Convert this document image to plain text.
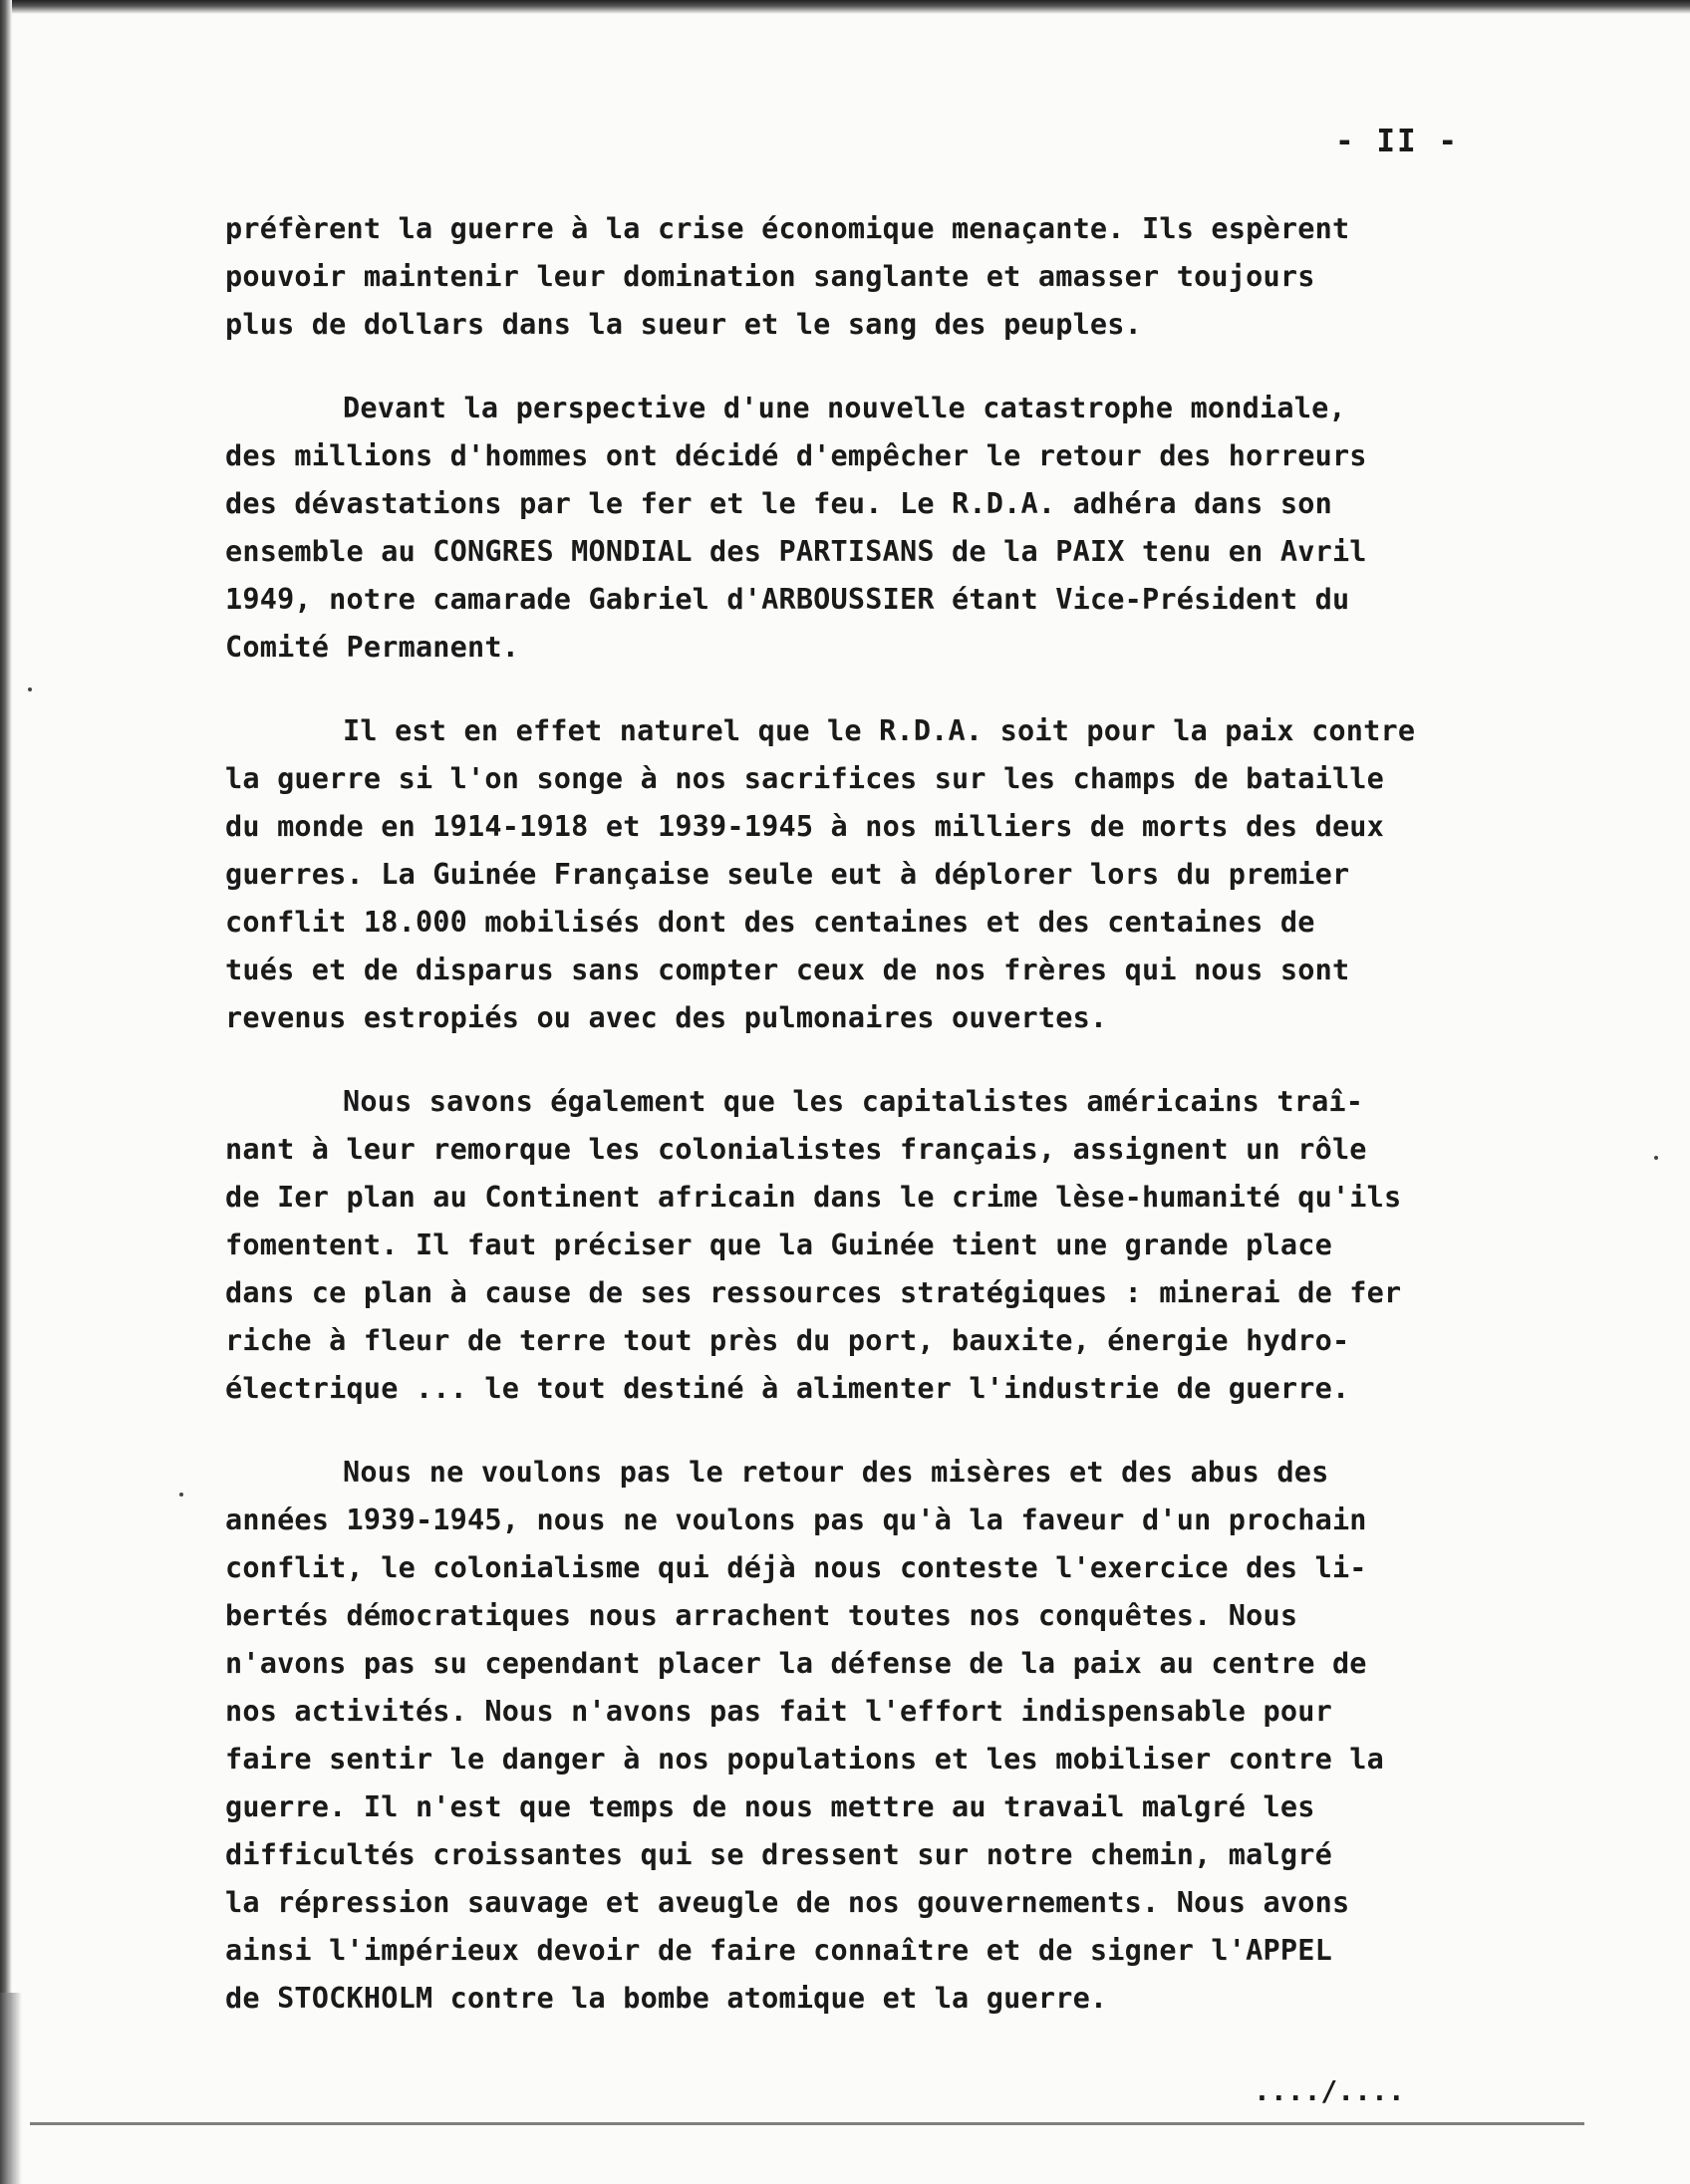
- II -
préfèrent la guerre à la crise économique menaçante. Ils espèrent
pouvoir maintenir leur domination sanglante et amasser toujours
plus de dollars dans la sueur et le sang des peuples.
Devant la perspective d'une nouvelle catastrophe mondiale,
des millions d'hommes ont décidé d'empêcher le retour des horreurs
des dévastations par le fer et le feu. Le R.D.A. adhéra dans son
ensemble au CONGRES MONDIAL des PARTISANS de la PAIX tenu en Avril
1949, notre camarade Gabriel d'ARBOUSSIER étant Vice-Président du
Comité Permanent.
Il est en effet naturel que le R.D.A. soit pour la paix contre
la guerre si l'on songe à nos sacrifices sur les champs de bataille
du monde en 1914-1918 et 1939-1945 à nos milliers de morts des deux
guerres. La Guinée Française seule eut à déplorer lors du premier
conflit 18.000 mobilisés dont des centaines et des centaines de
tués et de disparus sans compter ceux de nos frères qui nous sont
revenus estropiés ou avec des pulmonaires ouvertes.
Nous savons également que les capitalistes américains traî-
nant à leur remorque les colonialistes français, assignent un rôle
de Ier plan au Continent africain dans le crime lèse-humanité qu'ils
fomentent. Il faut préciser que la Guinée tient une grande place
dans ce plan à cause de ses ressources stratégiques : minerai de fer
riche à fleur de terre tout près du port, bauxite, énergie hydro-
électrique ... le tout destiné à alimenter l'industrie de guerre.
Nous ne voulons pas le retour des misères et des abus des
années 1939-1945, nous ne voulons pas qu'à la faveur d'un prochain
conflit, le colonialisme qui déjà nous conteste l'exercice des li-
bertés démocratiques nous arrachent toutes nos conquêtes. Nous
n'avons pas su cependant placer la défense de la paix au centre de
nos activités. Nous n'avons pas fait l'effort indispensable pour
faire sentir le danger à nos populations et les mobiliser contre la
guerre. Il n'est que temps de nous mettre au travail malgré les
difficultés croissantes qui se dressent sur notre chemin, malgré
la répression sauvage et aveugle de nos gouvernements. Nous avons
ainsi l'impérieux devoir de faire connaître et de signer l'APPEL
de STOCKHOLM contre la bombe atomique et la guerre.
..../....
